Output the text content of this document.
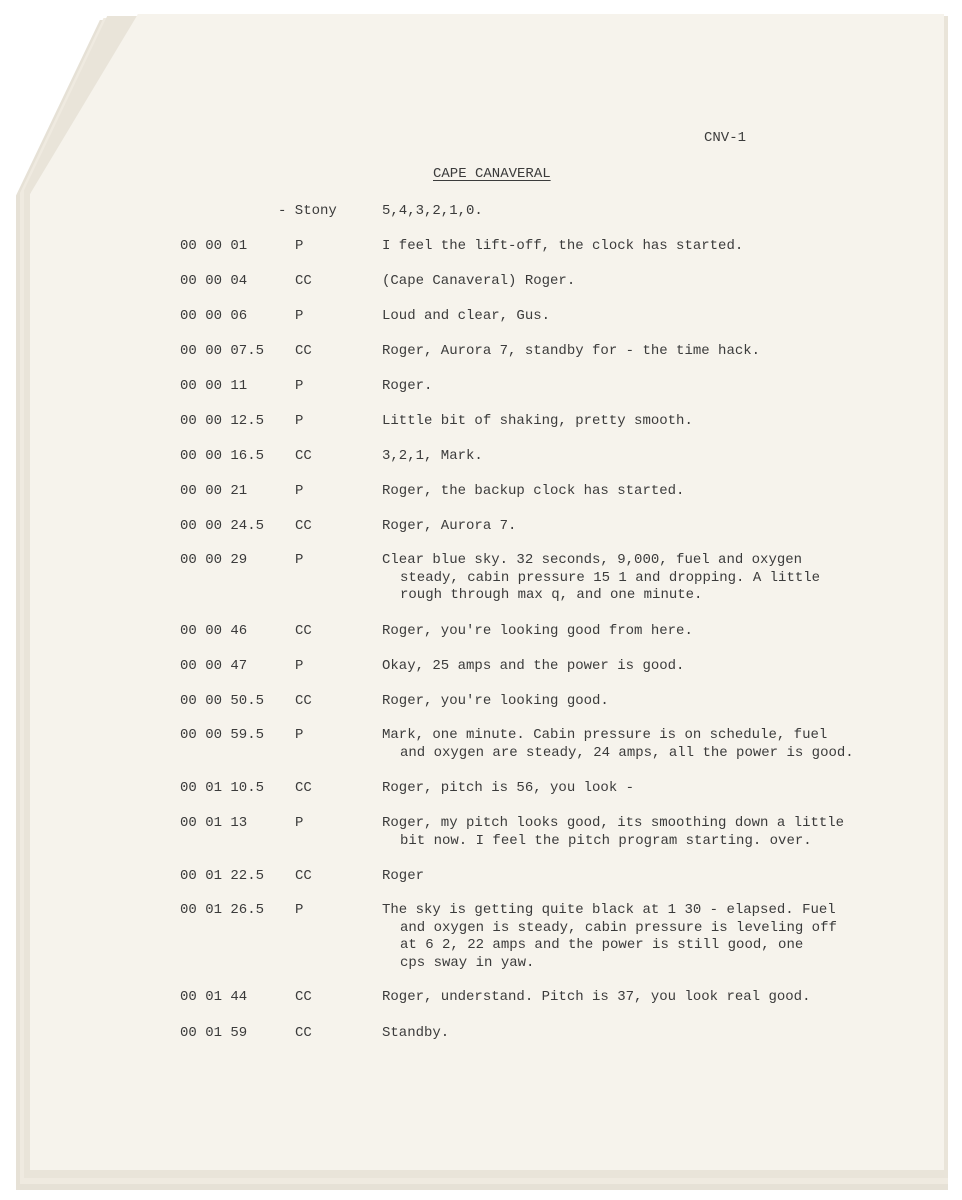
CNV-1
CAPE CANAVERAL
- Stony	5,4,3,2,1,0.
00 00 01	P	I feel the lift-off, the clock has started.
00 00 04	CC	(Cape Canaveral) Roger.
00 00 06	P	Loud and clear, Gus.
00 00 07.5 CC	Roger, Aurora 7, standby for - the time hack.
00 00 11	P	Roger.
00 00 12.5 P	Little bit of shaking, pretty smooth.
00 00 16.5 CC	3,2,1, Mark.
00 00 21	P	Roger, the backup clock has started.
00 00 24.5 CC	Roger, Aurora 7.
00 00 29	P	Clear blue sky. 32 seconds, 9,000, fuel and oxygen
steady, cabin pressure 15 1 and dropping. A little
rough through max q, and one minute.
00 00 46	CC	Roger, you're looking good from here.
00 00 47	P	Okay, 25 amps and the power is good.
00 00 50.5 CC	Roger, you're looking good.
00 00 59.5 P	Mark, one minute. Cabin pressure is on schedule, fuel
and oxygen are steady, 24 amps, all the power is good.
00 01 10.5 CC	Roger, pitch is 56, you look -
00 01 13	P	Roger, my pitch looks good, its smoothing down a little
bit now. I feel the pitch program starting. over.
00 01 22.5 CC	Roger
00 01 26.5 P	The sky is getting quite black at 1 30 - elapsed. Fuel
and oxygen is steady, cabin pressure is leveling off
at 6 2, 22 amps and the power is still good, one
cps sway in yaw.
00 01 44	CC	Roger, understand. Pitch is 37, you look real good.
00 01 59	CC	Standby.
